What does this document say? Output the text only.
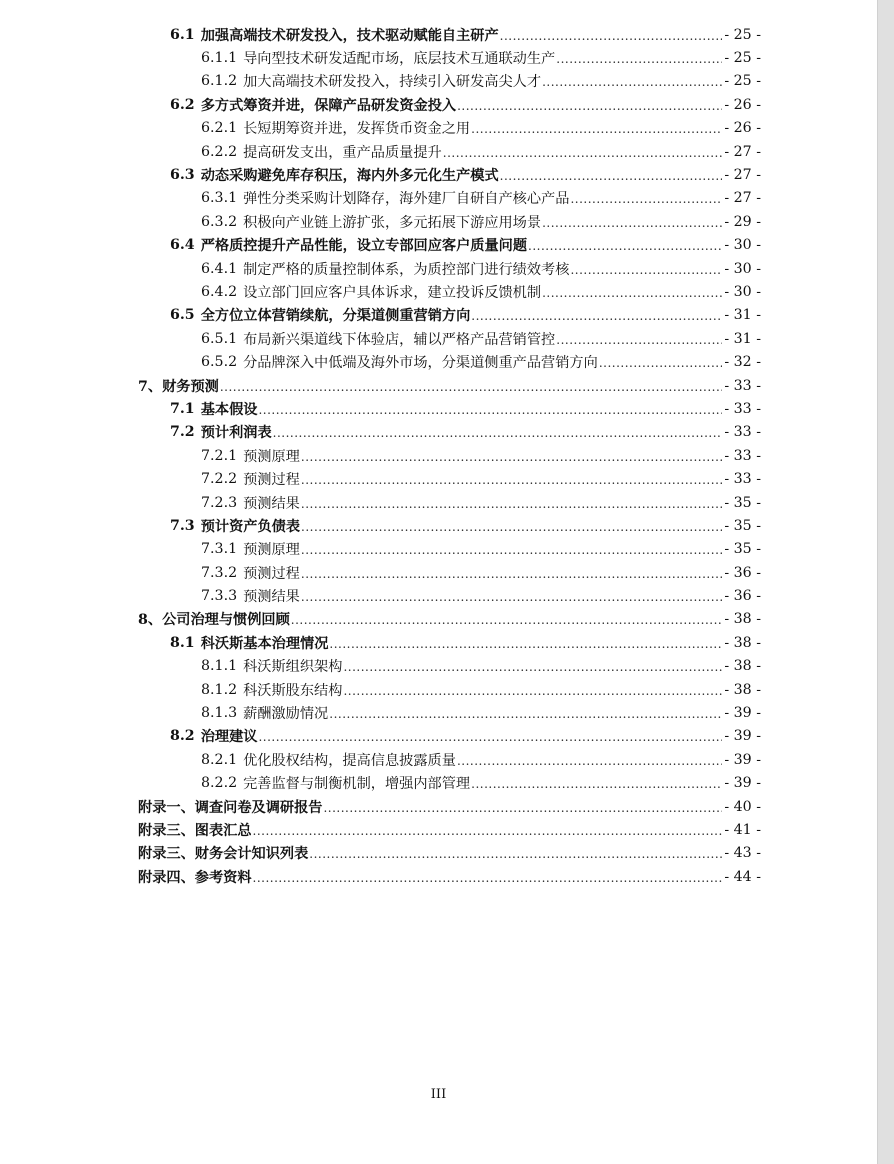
6.1 加强高端技术研发投入，技术驱动赋能自主研产 .....	- 25 -
6.1.1 导向型技术研发适配市场，底层技术互通联动生产 .....	- 25 -
6.1.2 加大高端技术研发投入，持续引入研发高尖人才 .....	- 25 -
6.2 多方式筹资并进，保障产品研发资金投入 .....	- 26 -
6.2.1 长短期筹资并进，发挥货币资金之用 .....	- 26 -
6.2.2 提高研发支出，重产品质量提升 .....	- 27 -
6.3 动态采购避免库存积压，海内外多元化生产模式 .....	- 27 -
6.3.1 弹性分类采购计划降存，海外建厂自研自产核心产品 .....	- 27 -
6.3.2 积极向产业链上游扩张，多元拓展下游应用场景 .....	- 29 -
6.4 严格质控提升产品性能，设立专部回应客户质量问题 .....	- 30 -
6.4.1 制定严格的质量控制体系，为质控部门进行绩效考核 .....	- 30 -
6.4.2 设立部门回应客户具体诉求，建立投诉反馈机制 .....	- 30 -
6.5 全方位立体营销续航，分渠道侧重营销方向 .....	- 31 -
6.5.1 布局新兴渠道线下体验店，辅以严格产品营销管控 .....	- 31 -
6.5.2 分品牌深入中低端及海外市场，分渠道侧重产品营销方向 .....	- 32 -
7、 财务预测 .....	- 33 -
7.1 基本假设 .....	- 33 -
7.2 预计利润表 .....	- 33 -
7.2.1 预测原理 .....	- 33 -
7.2.2 预测过程 .....	- 33 -
7.2.3 预测结果 .....	- 35 -
7.3 预计资产负债表 .....	- 35 -
7.3.1 预测原理 .....	- 35 -
7.3.2 预测过程 .....	- 36 -
7.3.3 预测结果 .....	- 36 -
8、 公司治理与惯例回顾 .....	- 38 -
8.1 科沃斯基本治理情况 .....	- 38 -
8.1.1 科沃斯组织架构 .....	- 38 -
8.1.2 科沃斯股东结构 .....	- 38 -
8.1.3 薪酬激励情况 .....	- 39 -
8.2 治理建议 .....	- 39 -
8.2.1 优化股权结构，提高信息披露质量 .....	- 39 -
8.2.2 完善监督与制衡机制，增强内部管理 .....	- 39 -
附录一、调查问卷及调研报告 .....	- 40 -
附录三、图表汇总 .....	- 41 -
附录三、财务会计知识列表 .....	- 43 -
附录四、参考资料 .....	- 44 -
III
